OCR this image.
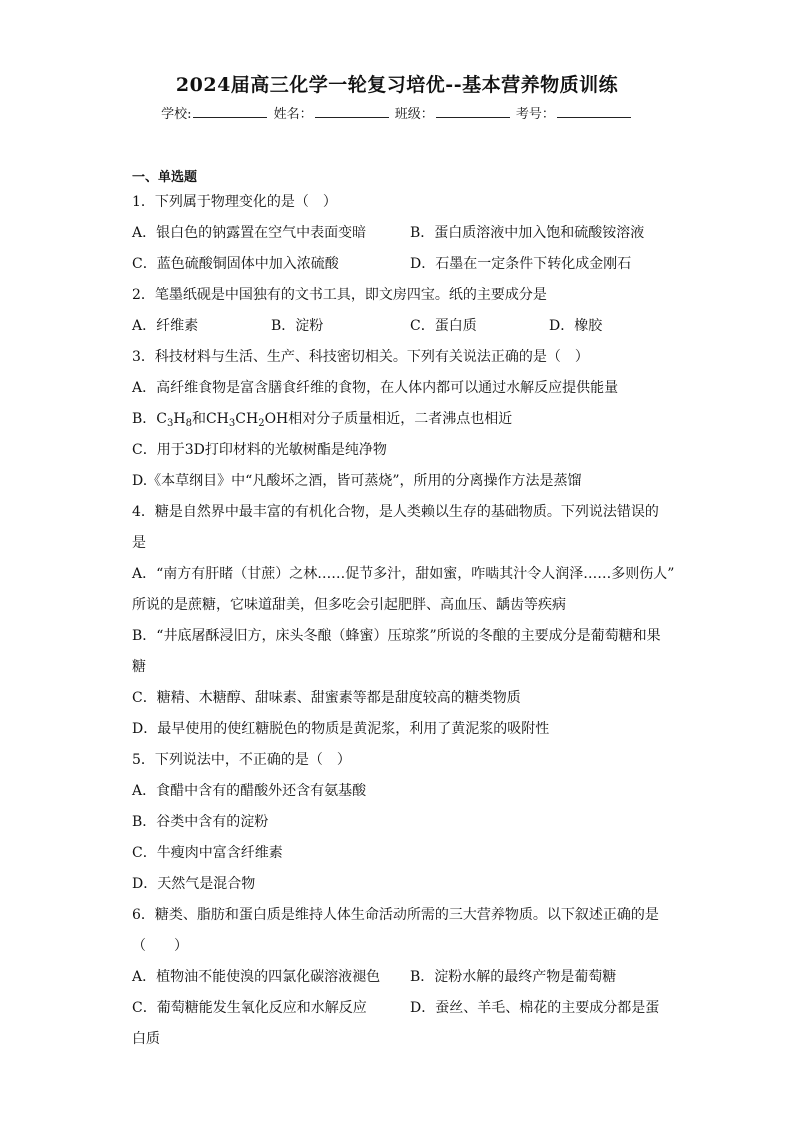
2024届高三化学一轮复习培优--基本营养物质训练
学校:	姓名：	班级：	考号：
一、单选题
1．下列属于物理变化的是（　）
A．银白色的钠露置在空气中表面变暗	B．蛋白质溶液中加入饱和硫酸铵溶液
C．蓝色硫酸铜固体中加入浓硫酸	D．石墨在一定条件下转化成金刚石
2．笔墨纸砚是中国独有的文书工具，即文房四宝。纸的主要成分是
A．纤维素	B．淀粉	C．蛋白质	D．橡胶
3．科技材料与生活、生产、科技密切相关。下列有关说法正确的是（　）
A．高纤维食物是富含膳食纤维的食物，在人体内都可以通过水解反应提供能量
B．$C_3H_8$和$CH_3CH_2OH$相对分子质量相近，二者沸点也相近
C．用于3D打印材料的光敏树酯是纯净物
D.《本草纲目》中“凡酸坏之酒，皆可蒸烧”，所用的分离操作方法是蒸馏
4．糖是自然界中最丰富的有机化合物，是人类赖以生存的基础物质。下列说法错误的
是
A．“南方有肝睹（甘蔗）之林……促节多汁，甜如蜜，咋啮其汁令人润泽……多则伤人”
所说的是蔗糖，它味道甜美，但多吃会引起肥胖、高血压、龋齿等疾病
B．“井底屠酥浸旧方，床头冬酿（蜂蜜）压琼浆”所说的冬酿的主要成分是葡萄糖和果
糖
C．糖精、木糖醇、甜味素、甜蜜素等都是甜度较高的糖类物质
D．最早使用的使红糖脱色的物质是黄泥浆，利用了黄泥浆的吸附性
5．下列说法中，不正确的是（　）
A．食醋中含有的醋酸外还含有氨基酸
B．谷类中含有的淀粉
C．牛瘦肉中富含纤维素
D．天然气是混合物
6．糖类、脂肪和蛋白质是维持人体生命活动所需的三大营养物质。以下叙述正确的是
（　　）
A．植物油不能使溴的四氯化碳溶液褪色 B．淀粉水解的最终产物是葡萄糖
C．葡萄糖能发生氧化反应和水解反应	D．蚕丝、羊毛、棉花的主要成分都是蛋
白质
